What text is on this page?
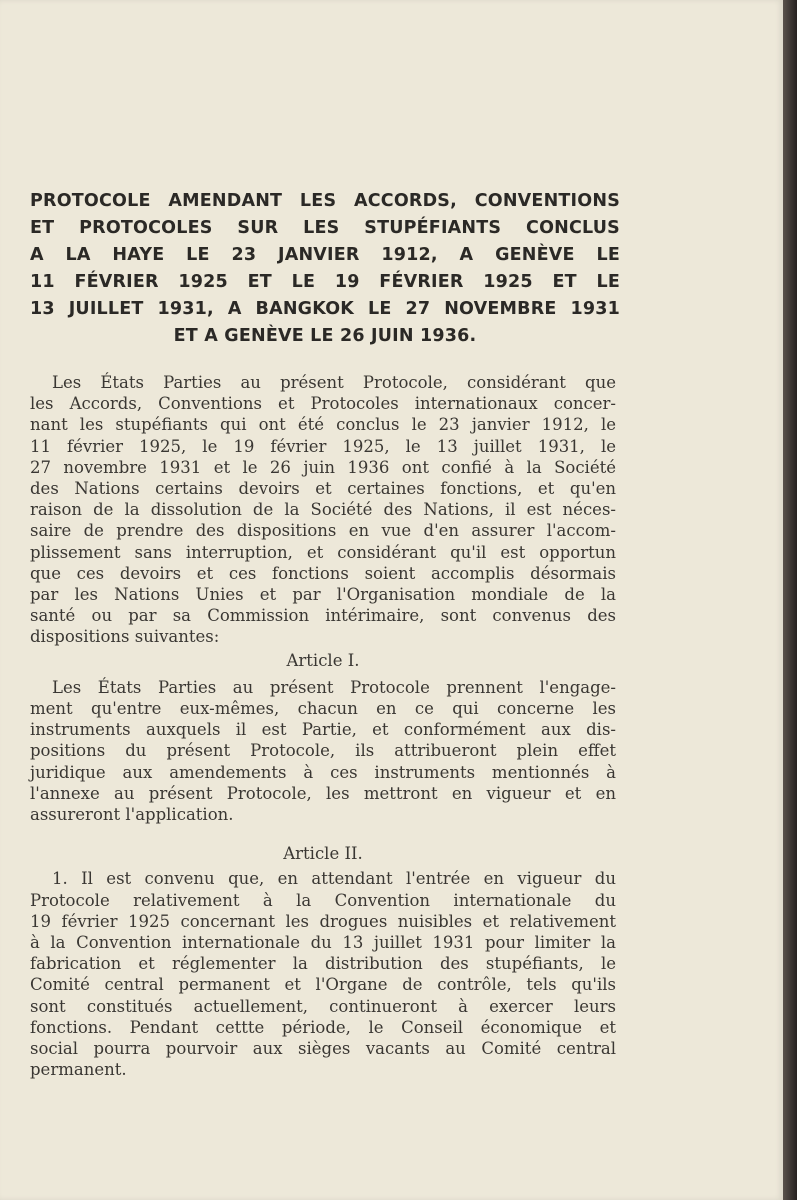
PROTOCOLE AMENDANT LES ACCORDS, CONVENTIONS
ET PROTOCOLES SUR LES STUPÉFIANTS CONCLUS
A LA HAYE LE 23 JANVIER 1912, A GENÈVE LE
11 FÉVRIER 1925 ET LE 19 FÉVRIER 1925 ET LE
13 JUILLET 1931, A BANGKOK LE 27 NOVEMBRE 1931
ET A GENÈVE LE 26 JUIN 1936.
Les États Parties au présent Protocole, considérant que
les Accords, Conventions et Protocoles internationaux concer-
nant les stupéfiants qui ont été conclus le 23 janvier 1912, le
11 février 1925, le 19 février 1925, le 13 juillet 1931, le
27 novembre 1931 et le 26 juin 1936 ont confié à la Société
des Nations certains devoirs et certaines fonctions, et qu'en
raison de la dissolution de la Société des Nations, il est néces-
saire de prendre des dispositions en vue d'en assurer l'accom-
plissement sans interruption, et considérant qu'il est opportun
que ces devoirs et ces fonctions soient accomplis désormais
par les Nations Unies et par l'Organisation mondiale de la
santé ou par sa Commission intérimaire, sont convenus des
dispositions suivantes:
Article I.
Les États Parties au présent Protocole prennent l'engage-
ment qu'entre eux-mêmes, chacun en ce qui concerne les
instruments auxquels il est Partie, et conformément aux dis-
positions du présent Protocole, ils attribueront plein effet
juridique aux amendements à ces instruments mentionnés à
l'annexe au présent Protocole, les mettront en vigueur et en
assureront l'application.
Article II.
1. Il est convenu que, en attendant l'entrée en vigueur du
Protocole relativement à la Convention internationale du
19 février 1925 concernant les drogues nuisibles et relativement
à la Convention internationale du 13 juillet 1931 pour limiter la
fabrication et réglementer la distribution des stupéfiants, le
Comité central permanent et l'Organe de contrôle, tels qu'ils
sont constitués actuellement, continueront à exercer leurs
fonctions. Pendant cettte période, le Conseil économique et
social pourra pourvoir aux sièges vacants au Comité central
permanent.
